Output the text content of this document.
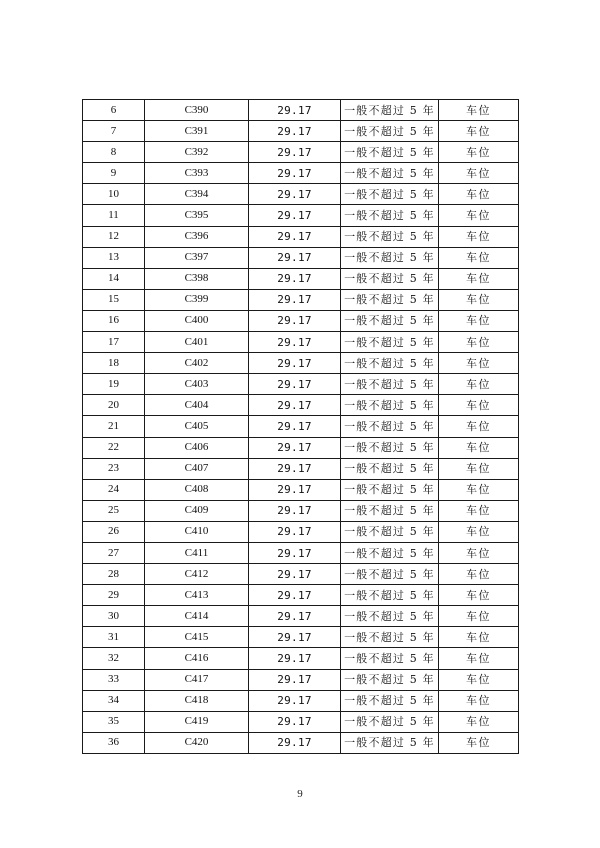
6	C390	29.17	一般不超过 5 年	车位
7	C391	29.17	一般不超过 5 年	车位
8	C392	29.17	一般不超过 5 年	车位
9	C393	29.17	一般不超过 5 年	车位
10	C394	29.17	一般不超过 5 年	车位
11	C395	29.17	一般不超过 5 年	车位
12	C396	29.17	一般不超过 5 年	车位
13	C397	29.17	一般不超过 5 年	车位
14	C398	29.17	一般不超过 5 年	车位
15	C399	29.17	一般不超过 5 年	车位
16	C400	29.17	一般不超过 5 年	车位
17	C401	29.17	一般不超过 5 年	车位
18	C402	29.17	一般不超过 5 年	车位
19	C403	29.17	一般不超过 5 年	车位
20	C404	29.17	一般不超过 5 年	车位
21	C405	29.17	一般不超过 5 年	车位
22	C406	29.17	一般不超过 5 年	车位
23	C407	29.17	一般不超过 5 年	车位
24	C408	29.17	一般不超过 5 年	车位
25	C409	29.17	一般不超过 5 年	车位
26	C410	29.17	一般不超过 5 年	车位
27	C411	29.17	一般不超过 5 年	车位
28	C412	29.17	一般不超过 5 年	车位
29	C413	29.17	一般不超过 5 年	车位
30	C414	29.17	一般不超过 5 年	车位
31	C415	29.17	一般不超过 5 年	车位
32	C416	29.17	一般不超过 5 年	车位
33	C417	29.17	一般不超过 5 年	车位
34	C418	29.17	一般不超过 5 年	车位
35	C419	29.17	一般不超过 5 年	车位
36	C420	29.17	一般不超过 5 年	车位
9
